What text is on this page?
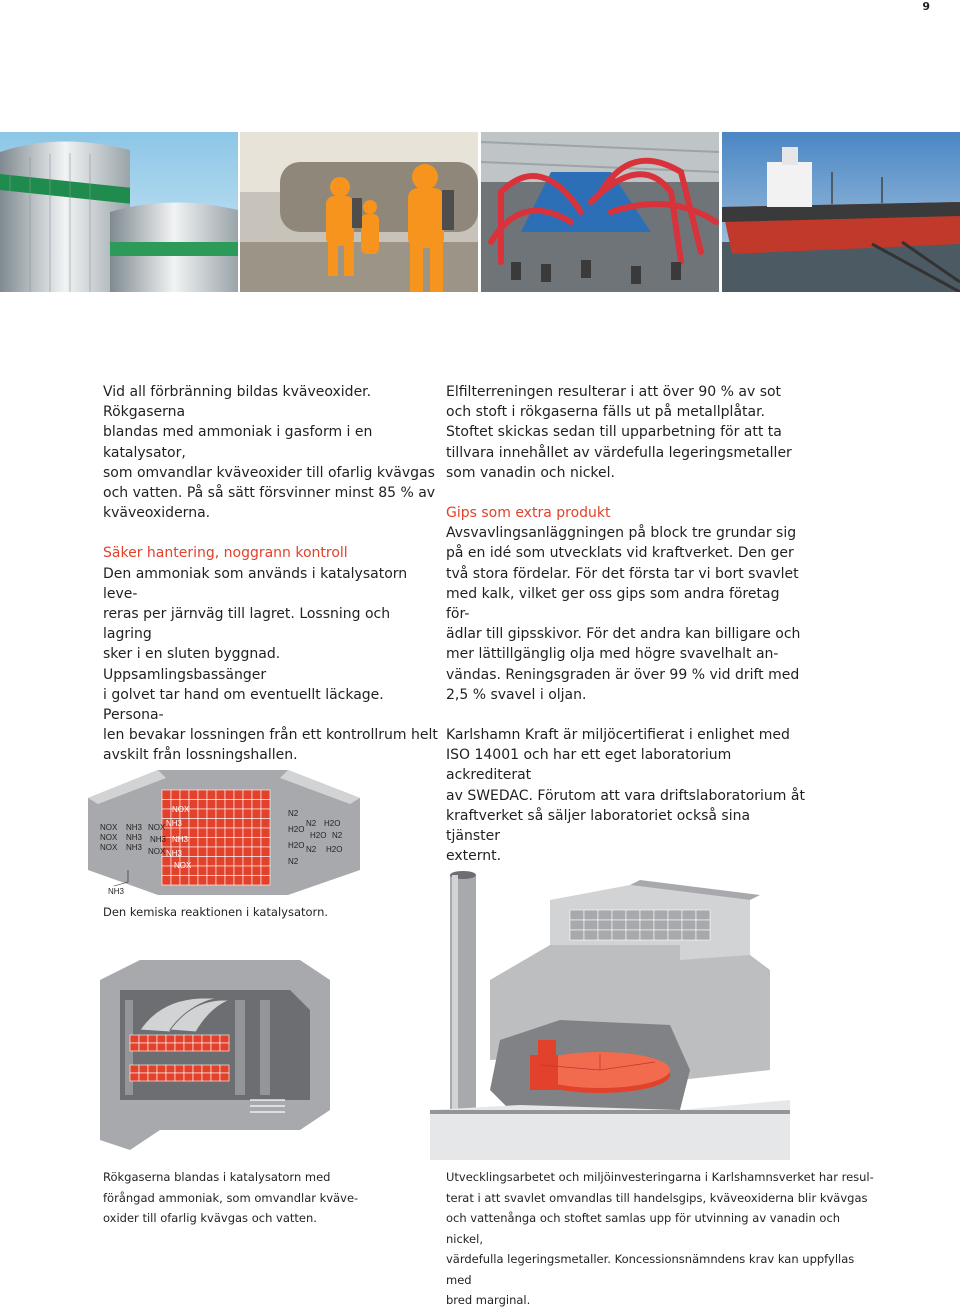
9

Vid all förbränning bildas kväveoxider. Rökgaserna

blandas med ammoniak i gasform i en katalysator,

som omvandlar kväveoxider till ofarlig kvävgas

och vatten. På så sätt försvinner minst 85 % av

kväveoxiderna.

Säker hantering, noggrann kontroll

Den ammoniak som används i katalysatorn leve-

reras per järnväg till lagret. Lossning och lagring

sker i en sluten byggnad. Uppsamlingsbassänger

i golvet tar hand om eventuellt läckage. Persona-

len bevakar lossningen från ett kontrollrum helt

avskilt från lossningshallen.

Elfilterreningen resulterar i att över 90 % av sot

och stoft i rökgaserna fälls ut på metallplåtar.

Stoftet skickas sedan till upparbetning för att ta

tillvara innehållet av värdefulla legeringsmetaller

som vanadin och nickel.

Gips som extra produkt

Avsvavlingsanläggningen på block tre grundar sig

på en idé som utvecklats vid kraftverket. Den ger

två stora fördelar. För det första tar vi bort svavlet

med kalk, vilket ger oss gips som andra företag för-

ädlar till gipsskivor. För det andra kan billigare och

mer lättillgänglig olja med högre svavelhalt an-

vändas. Reningsgraden är över 99 % vid drift med

2,5 % svavel i oljan.

Karlshamn Kraft är miljöcertifierat i enlighet med

ISO 14001 och har ett eget laboratorium ackrediterat

av SWEDAC. Förutom att vara driftslaboratorium åt

kraftverket så säljer laboratoriet också sina tjänster

externt.

NOX
NOX
NOX
NH3
NH3
NH3
NOX
NH3
NOX
NOX
NH3
NH3
NH3
NOX
N2
H2O
H2O
N2
N2 H2O
H2O N2
N2 H2O
NH3
Den kemiska reaktionen i katalysatorn.
Rökgaserna blandas i katalysatorn med
förångad ammoniak, som omvandlar kväve-
oxider till ofarlig kvävgas och vatten.
Utvecklingsarbetet och miljöinvesteringarna i Karlshamnsverket har resul-
terat i att svavlet omvandlas till handelsgips, kväveoxiderna blir kvävgas
och vattenånga och stoftet samlas upp för utvinning av vanadin och nickel,
värdefulla legeringsmetaller. Koncessionsnämndens krav kan uppfyllas med
bred marginal.
